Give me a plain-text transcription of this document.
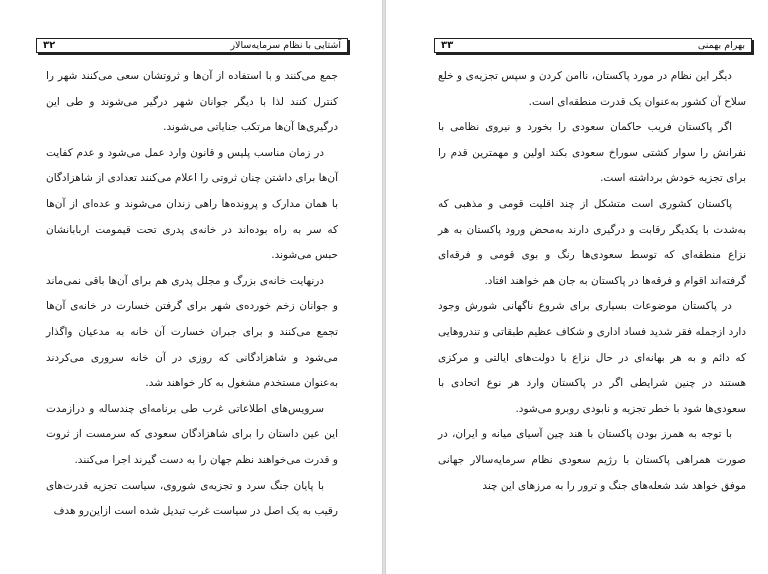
۳۲	آشتایی با نظام سرمایه‌سالار

جمع می‌کنند و با استفاده از آن‌ها و ثروتشان سعی می‌کنند شهر را کنترل کنند لذا با دیگر جوانان شهر درگیر می‌شوند و طی این درگیری‌ها آن‌ها مرتکب جنایاتی می‌شوند.

در زمان مناسب پلیس و قانون وارد عمل می‌شود و عدم کفایت آن‌ها برای داشتن چنان ثروتی را اعلام می‌کنند تعدادی از شاهزادگان با همان مدارک و پرونده‌ها راهی زندان می‌شوند و عده‌ای از آن‌ها که سر به راه بوده‌اند در خانه‌ی پدری تحت قیمومت اربابانشان حبس می‌شوند.

درنهایت خانه‌ی بزرگ و مجلل پدری هم برای آن‌ها باقی نمی‌ماند و جوانان زخم خورده‌ی شهر برای گرفتن خسارت در خانه‌ی آن‌ها تجمع می‌کنند و برای جبران خسارت آن خانه به مدعیان واگذار می‌شود و شاهزادگانی که روزی در آن خانه سروری می‌کردند به‌عنوان مستخدم مشغول به کار خواهند شد.

سرویس‌های اطلاعاتی غرب طی برنامه‌ای چندساله و درازمدت این عین داستان را برای شاهزادگان سعودی که سرمست از ثروت و قدرت می‌خواهند نظم جهان را به دست گیرند اجرا می‌کنند.

با پایان جنگ سرد و تجزیه‌ی شوروی، سیاست تجزیه قدرت‌های رقیب به یک اصل در سیاست غرب تبدیل شده است ازاین‌رو هدف

۳۳	بهرام بهمنی

دیگر این نظام در مورد پاکستان، ناامن کردن و سپس تجزیه‌ی و خلع سلاح آن کشور به‌عنوان یک قدرت منطقه‌ای است.

اگر پاکستان فریب حاکمان سعودی را بخورد و نیروی نظامی با نفرانش را سوار کشتی سوراخ سعودی بکند اولین و مهمترین قدم را برای تجزیه خودش برداشته است.

پاکستان کشوری است متشکل از چند اقلیت قومی و مذهبی که به‌شدت با یکدیگر رقابت و درگیری دارند به‌محض ورود پاکستان به هر نزاع منطقه‌ای که توسط سعودی‌ها رنگ و بوی قومی و فرقه‌ای گرفته‌اند اقوام و فرقه‌ها در پاکستان به جان هم خواهند افتاد.

در پاکستان موضوعات بسیاری برای شروع ناگهانی شورش وجود دارد ازجمله فقر شدید فساد اداری و شکاف عظیم طبقاتی و تندروهایی که دائم و به هر بهانه‌ای در حال نزاع با دولت‌های ایالتی و مرکزی هستند در چنین شرایطی اگر در پاکستان وارد هر نوع اتحادی با سعودی‌ها شود با خطر تجزیه و نابودی روبرو می‌شود.

با توجه به همرز بودن پاکستان با هند چین آسیای میانه و ایران، در صورت همراهی پاکستان با رژیم سعودی نظام سرمایه‌سالار جهانی موفق خواهد شد شعله‌های جنگ و ترور را به مرزهای این چند
